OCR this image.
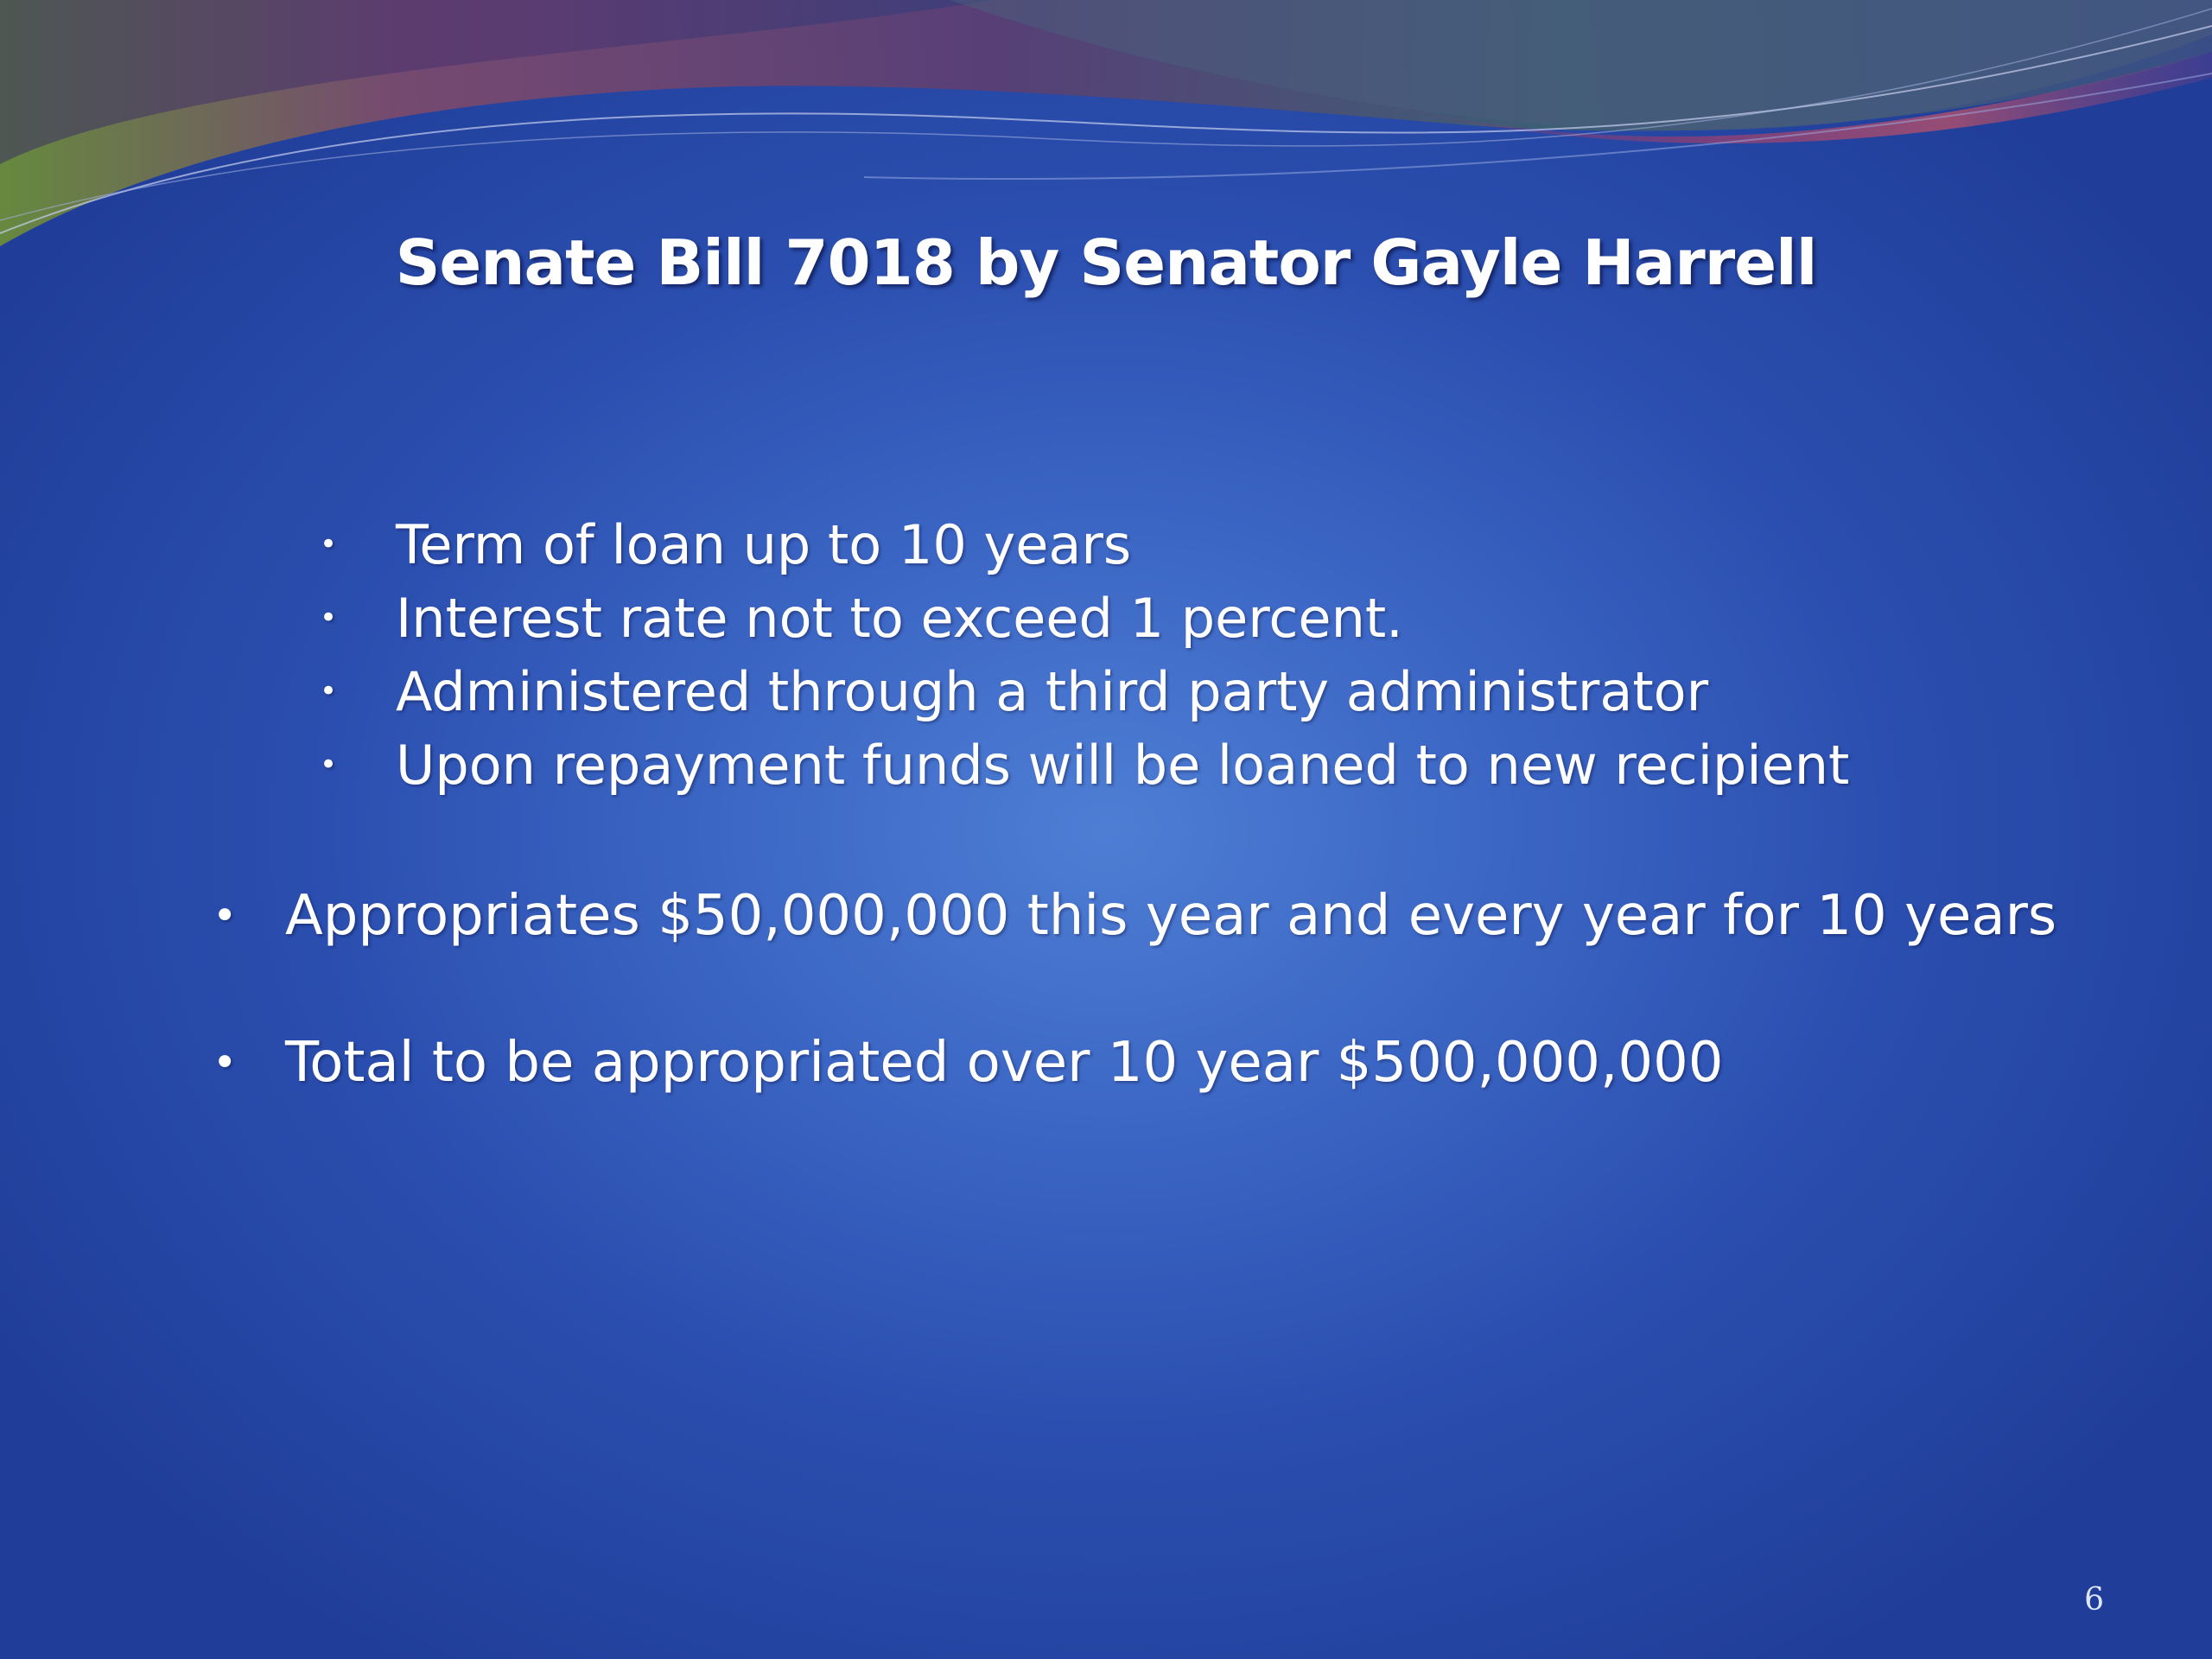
Senate Bill 7018 by Senator Gayle Harrell
• Term of loan up to 10 years
• Interest rate not to exceed 1 percent.
• Administered through a third party administrator
• Upon repayment funds will be loaned to new recipient
• Appropriates $50,000,000 this year and every year for 10 years
• Total to be appropriated over 10 year $500,000,000
6
